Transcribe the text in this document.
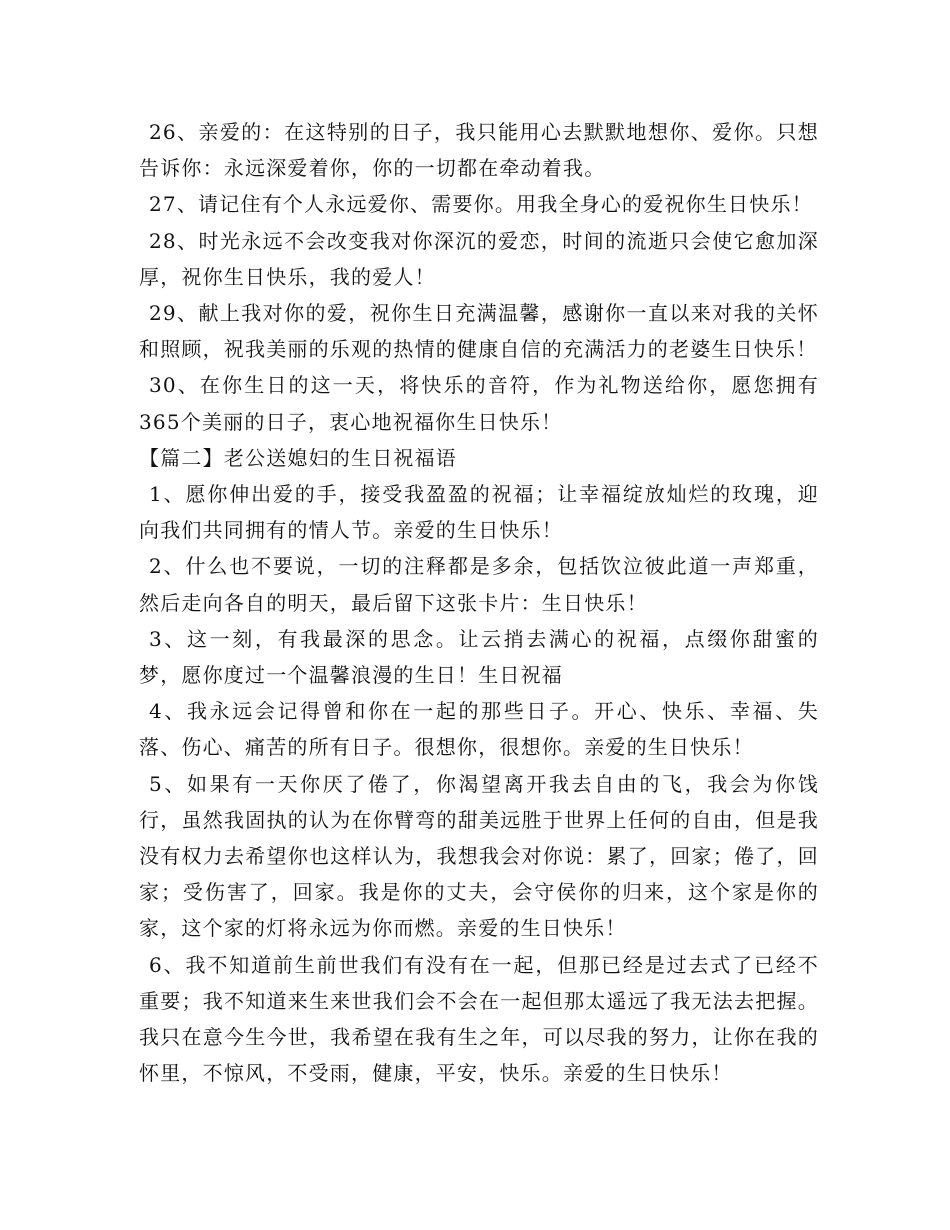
26、亲爱的：在这特别的日子，我只能用心去默默地想你、爱你。只想告诉你：永远深爱着你，你的一切都在牵动着我。

27、请记住有个人永远爱你、需要你。用我全身心的爱祝你生日快乐！

28、时光永远不会改变我对你深沉的爱恋，时间的流逝只会使它愈加深厚，祝你生日快乐，我的爱人！

29、献上我对你的爱，祝你生日充满温馨，感谢你一直以来对我的关怀和照顾，祝我美丽的乐观的热情的健康自信的充满活力的老婆生日快乐！

30、在你生日的这一天，将快乐的音符，作为礼物送给你，愿您拥有365个美丽的日子，衷心地祝福你生日快乐！

【篇二】老公送媳妇的生日祝福语

1、愿你伸出爱的手，接受我盈盈的祝福；让幸福绽放灿烂的玫瑰，迎向我们共同拥有的情人节。亲爱的生日快乐！

2、什么也不要说，一切的注释都是多余，包括饮泣彼此道一声郑重，然后走向各自的明天，最后留下这张卡片：生日快乐！

3、这一刻，有我最深的思念。让云捎去满心的祝福，点缀你甜蜜的梦，愿你度过一个温馨浪漫的生日！生日祝福

4、我永远会记得曾和你在一起的那些日子。开心、快乐、幸福、失落、伤心、痛苦的所有日子。很想你，很想你。亲爱的生日快乐！

5、如果有一天你厌了倦了，你渴望离开我去自由的飞，我会为你饯行，虽然我固执的认为在你臂弯的甜美远胜于世界上任何的自由，但是我没有权力去希望你也这样认为，我想我会对你说：累了，回家；倦了，回家；受伤害了，回家。我是你的丈夫，会守侯你的归来，这个家是你的家，这个家的灯将永远为你而燃。亲爱的生日快乐！

6、我不知道前生前世我们有没有在一起，但那已经是过去式了已经不重要；我不知道来生来世我们会不会在一起但那太遥远了我无法去把握。我只在意今生今世，我希望在我有生之年，可以尽我的努力，让你在我的怀里，不惊风，不受雨，健康，平安，快乐。亲爱的生日快乐！
